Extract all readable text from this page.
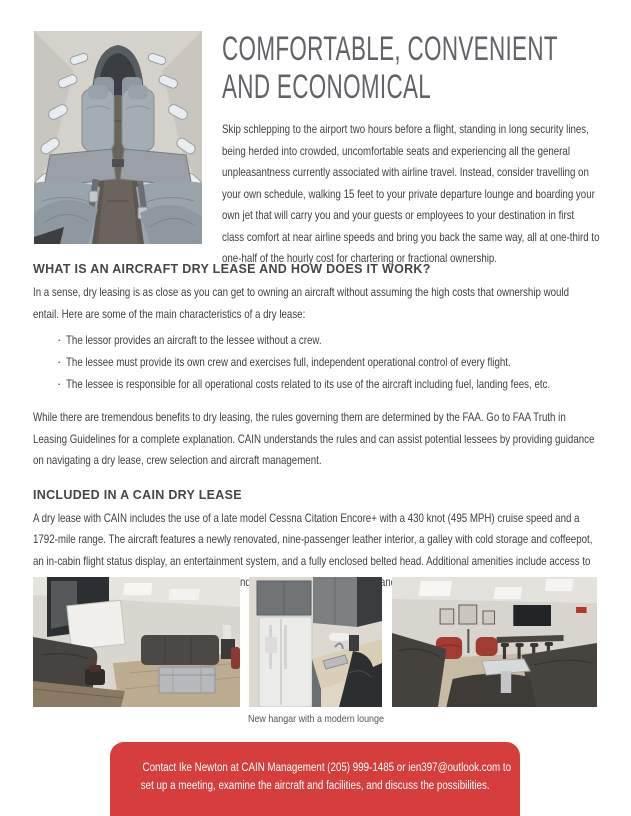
COMFORTABLE, CONVENIENT
AND ECONOMICAL
Skip schlepping to the airport two hours before a flight, standing in long security lines,
being herded into crowded, uncomfortable seats and experiencing all the general
unpleasantness currently associated with airline travel. Instead, consider travelling on
your own schedule, walking 15 feet to your private departure lounge and boarding your
own jet that will carry you and your guests or employees to your destination in first
class comfort at near airline speeds and bring you back the same way, all at one-third to
one-half of the hourly cost for chartering or fractional ownership.
WHAT IS AN AIRCRAFT DRY LEASE AND HOW DOES IT WORK?
In a sense, dry leasing is as close as you can get to owning an aircraft without assuming the high costs that ownership would
entail. Here are some of the main characteristics of a dry lease:
· The lessor provides an aircraft to the lessee without a crew.
· The lessee must provide its own crew and exercises full, independent operational control of every flight.
· The lessee is responsible for all operational costs related to its use of the aircraft including fuel, landing fees, etc.
While there are tremendous benefits to dry leasing, the rules governing them are determined by the FAA. Go to FAA Truth in
Leasing Guidelines for a complete explanation. CAIN understands the rules and can assist potential lessees by providing guidance
on navigating a dry lease, crew selection and aircraft management.
INCLUDED IN A CAIN DRY LEASE
A dry lease with CAIN includes the use of a late model Cessna Citation Encore+ with a 430 knot (495 MPH) cruise speed and a
1792-mile range. The aircraft features a newly renovated, nine-passenger leather interior, a galley with cold storage and coffeepot,
an in-cabin flight status display, an entertainment system, and a fully enclosed belted head. Additional amenities include access to
and
New hangar with a modern lounge
Contact Ike Newton at CAIN Management (205) 999-1485 or ien397@outlook.com to
set up a meeting, examine the aircraft and facilities, and discuss the possibilities.
